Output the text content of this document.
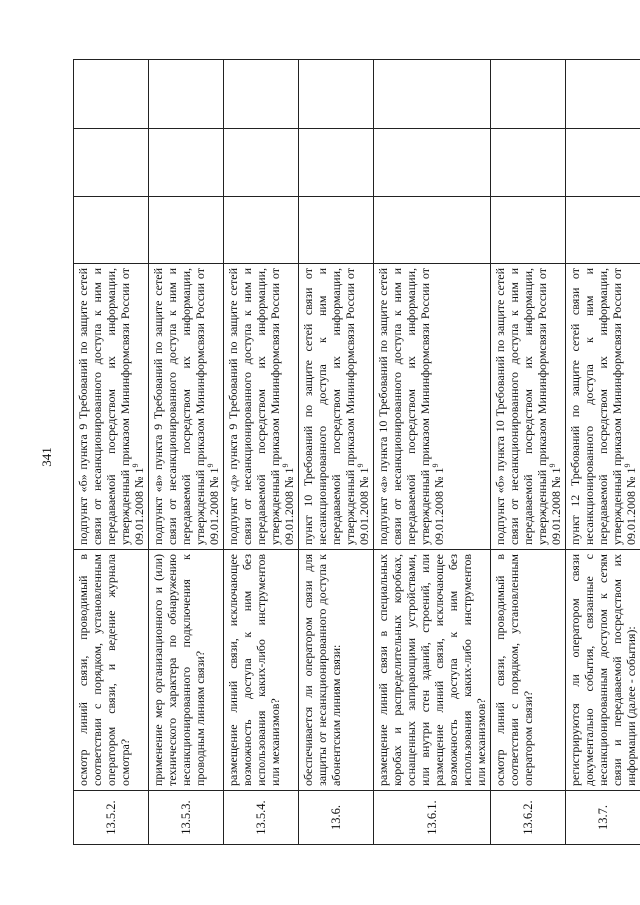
341
13.5.2.	осмотр линий связи, проводимый в соответствии с порядком, установленным оператором связи, и ведение журнала осмотра?	подпункт «б» пункта 9 Требований по защите сетей связи от несанкционированного доступа к ним и передаваемой посредством их информации, утвержденный приказом Мининформсвязи России от 09.01.2008 № $1^9$			
13.5.3.	применение мер организационного и (или) технического характера по обнаружению несанкционированного подключения к проводным линиям связи?	подпункт «в» пункта 9 Требований по защите сетей связи от несанкционированного доступа к ним и передаваемой посредством их информации, утвержденный приказом Мининформсвязи России от 09.01.2008 № $1^9$			
13.5.4.	размещение линий связи, исключающее возможность доступа к ним без использования каких-либо инструментов или механизмов?	подпункт «д» пункта 9 Требований по защите сетей связи от несанкционированного доступа к ним и передаваемой посредством их информации, утвержденный приказом Мининформсвязи России от 09.01.2008 № $1^9$			
13.6.	обеспечивается ли оператором связи для защиты от несанкционированного доступа к абонентским линиям связи:	пункт 10 Требований по защите сетей связи от несанкционированного доступа к ним и передаваемой посредством их информации, утвержденный приказом Мининформсвязи России от 09.01.2008 № $1^9$			
13.6.1.	размещение линий связи в специальных коробах и распределительных коробках, оснащенных запирающими устройствами, или внутри стен зданий, строений, или размещение линий связи, исключающее возможность доступа к ним без использования каких-либо инструментов или механизмов?	подпункт «а» пункта 10 Требований по защите сетей связи от несанкционированного доступа к ним и передаваемой посредством их информации, утвержденный приказом Мининформсвязи России от 09.01.2008 № $1^9$			
13.6.2.	осмотр линий связи, проводимый в соответствии с порядком, установленным оператором связи?	подпункт «б» пункта 10 Требований по защите сетей связи от несанкционированного доступа к ним и передаваемой посредством их информации, утвержденный приказом Мининформсвязи России от 09.01.2008 № $1^9$			
13.7.	регистрируются ли оператором связи документально события, связанные с несанкционированным доступом к сетям связи и передаваемой посредством их информации (далее - события):	пункт 12 Требований по защите сетей связи от несанкционированного доступа к ним и передаваемой посредством их информации, утвержденный приказом Мининформсвязи России от 09.01.2008 № $1^9$			
